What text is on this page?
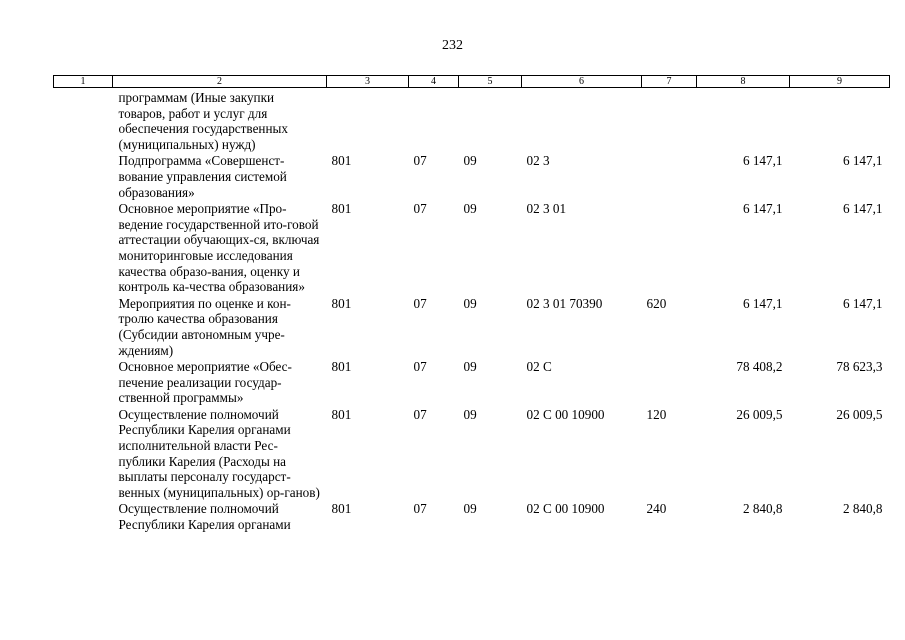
232
1	2	3	4	5	6	7	8	9
	программам (Иные закупки товаров, работ и услуг для обеспечения государственных (муниципальных) нужд)							
	Подпрограмма «Совершенст-вование управления системой образования»	801	07	09	02 3		6 147,1	6 147,1
	Основное мероприятие «Про-ведение государственной ито-говой аттестации обучающих-ся, включая мониторинговые исследования качества образо-вания, оценку и контроль ка-чества образования»	801	07	09	02 3 01		6 147,1	6 147,1
	Мероприятия по оценке и кон-тролю качества образования (Субсидии автономным учре-ждениям)	801	07	09	02 3 01 70390	620	6 147,1	6 147,1
	Основное мероприятие «Обес-печение реализации государ-ственной программы»	801	07	09	02 С		78 408,2	78 623,3
	Осуществление полномочий Республики Карелия органами исполнительной власти Рес-публики Карелия (Расходы на выплаты персоналу государст-венных (муниципальных) ор-ганов)	801	07	09	02 С 00 10900	120	26 009,5	26 009,5
	Осуществление полномочий Республики Карелия органами	801	07	09	02 С 00 10900	240	2 840,8	2 840,8
